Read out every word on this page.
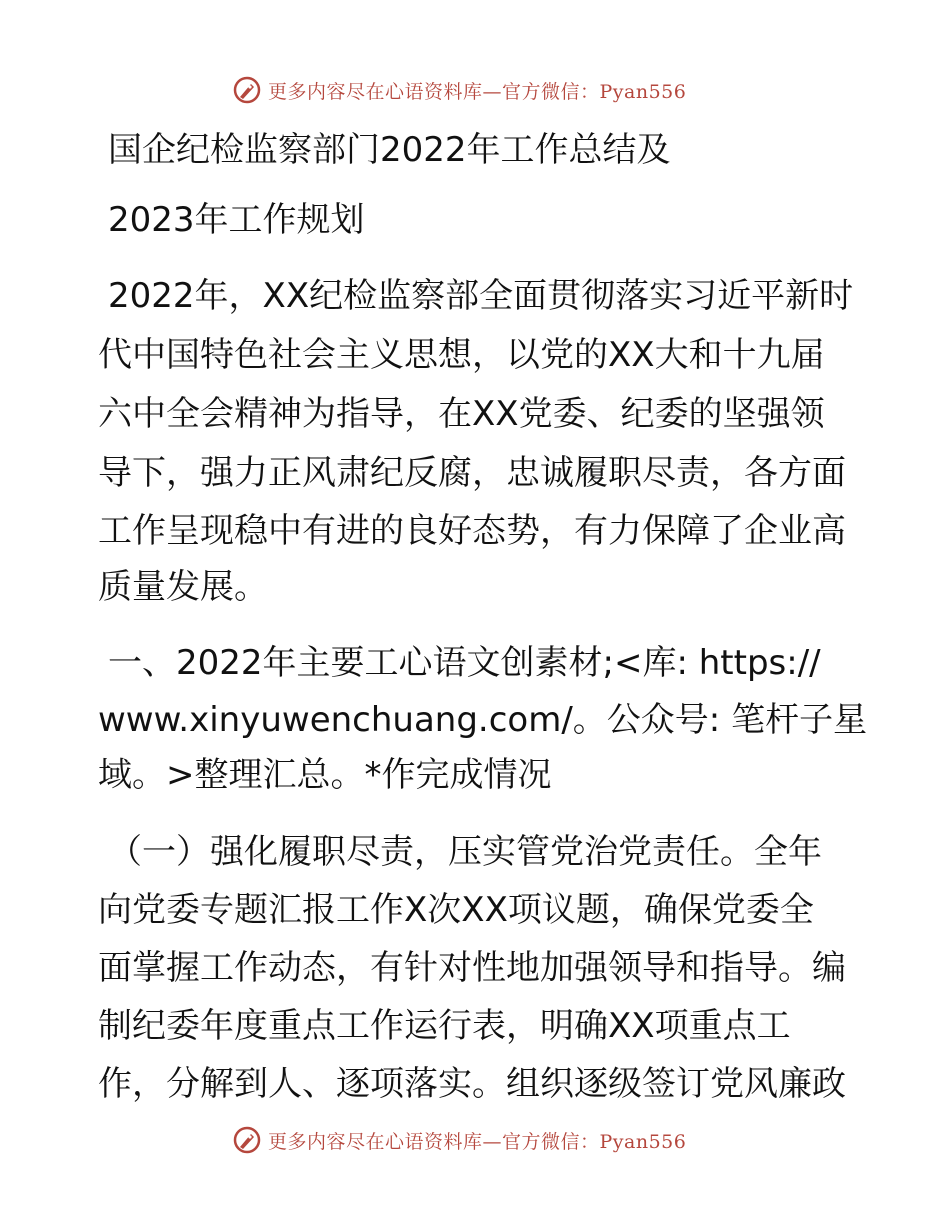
更多内容尽在心语资料库—官方微信：Pyan556
国企纪检监察部门2022年工作总结及
2023年工作规划
2022年，XX纪检监察部全面贯彻落实习近平新时
代中国特色社会主义思想，以党的XX大和十九届
六中全会精神为指导，在XX党委、纪委的坚强领
导下，强力正风肃纪反腐，忠诚履职尽责，各方面
工作呈现稳中有进的良好态势，有力保障了企业高
质量发展。
一、2022年主要工心语文创素材;<库: https://
www.xinyuwenchuang.com/。公众号: 笔杆子星
域。>整理汇总。*作完成情况
（一）强化履职尽责，压实管党治党责任。全年
向党委专题汇报工作X次XX项议题，确保党委全
面掌握工作动态，有针对性地加强领导和指导。编
制纪委年度重点工作运行表，明确XX项重点工
作，分解到人、逐项落实。组织逐级签订党风廉政
更多内容尽在心语资料库—官方微信：Pyan556
